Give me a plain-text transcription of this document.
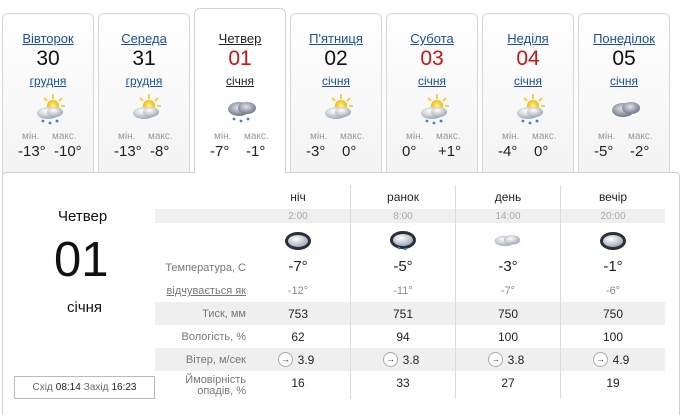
Вівторок
30
грудня
мін. макс.
-13° -10°
Середа
31
грудня
мін. макс.
-13° -8°
Четвер
01
січня
мін. макс.
-7° -1°
П'ятниця
02
січня
мін. макс.
-3° 0°
Субота
03
січня
мін. макс.
0° +1°
Неділя
04
січня
мін. макс.
-4° 0°
Понеділок
05
січня
мін. макс.
-5° -2°
Четвер
01
січня
Схід 08:14 Захід 16:23
Температура, С
відчувається як
Тиск, мм
Вологість, %
Вітер, м/сек
Ймовірність
опадів, %
ніч
2:00
-7°
-12°
753
62
→ 3.9
16
ранок
8:00
-5°
-11°
751
94
→ 3.8
33
день
14:00
-3°
-7°
750
100
→ 3.8
27
вечір
20:00
-1°
-6°
750
100
→ 4.9
19
